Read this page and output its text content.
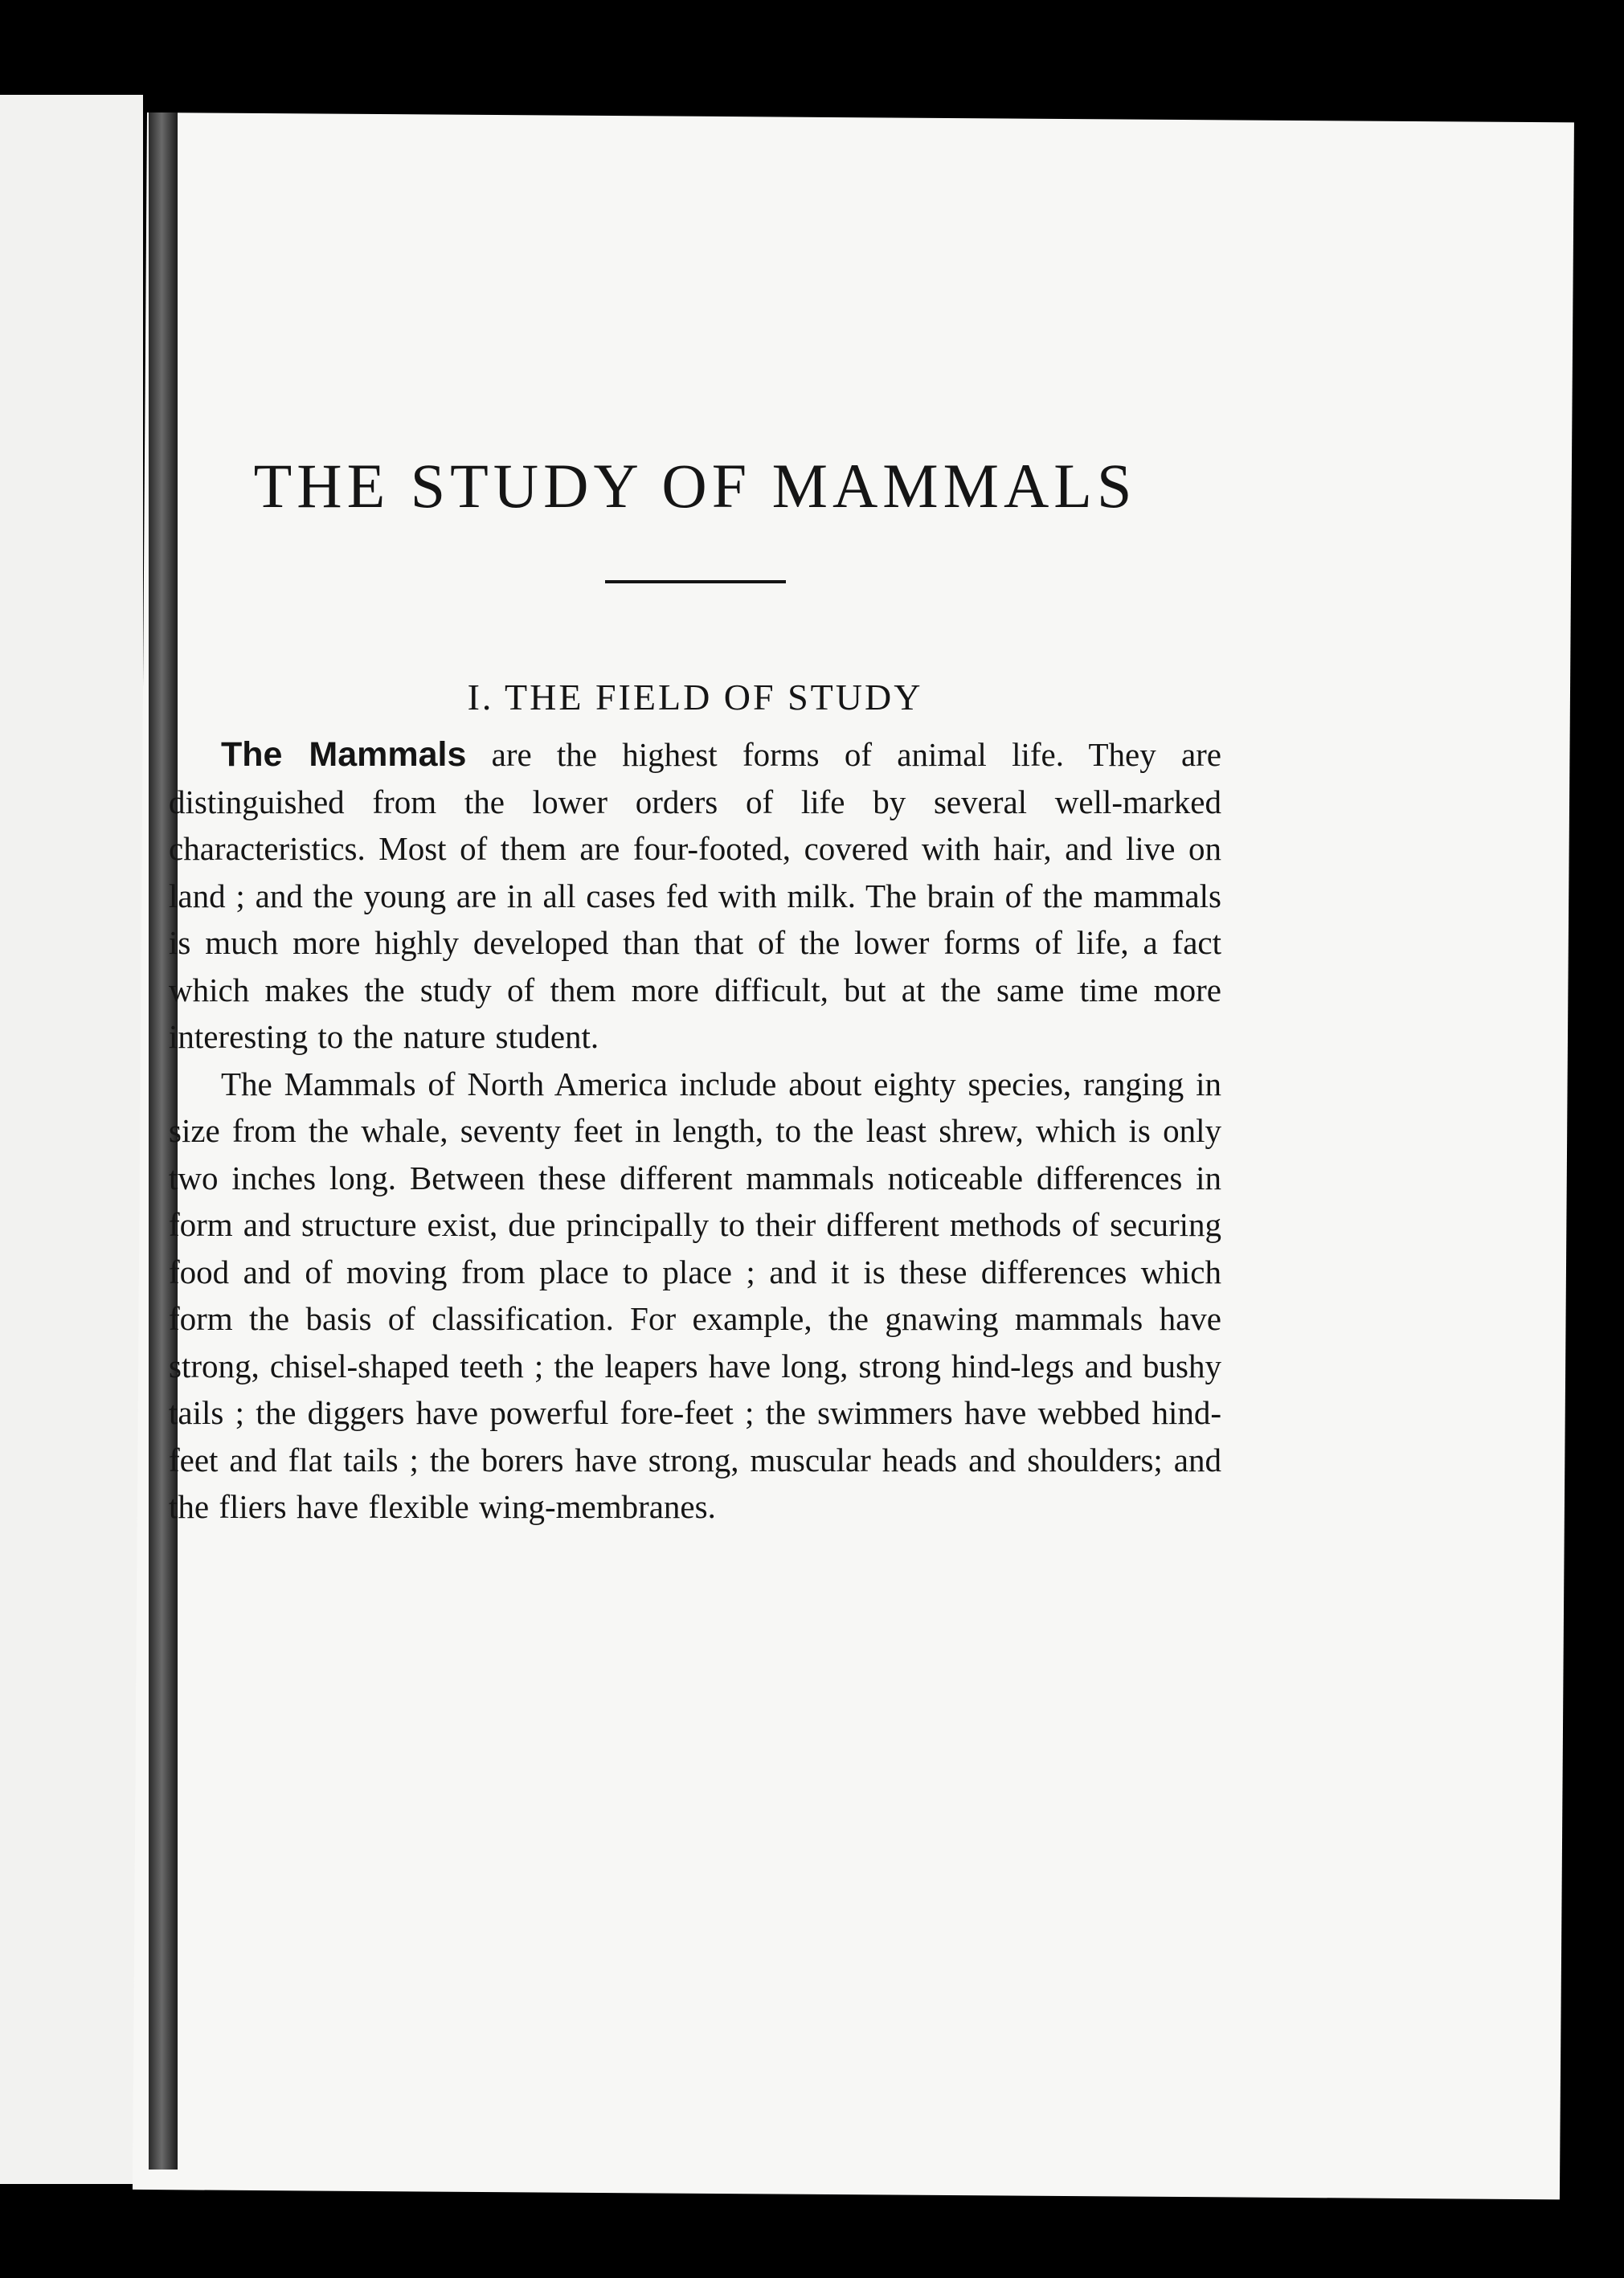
THE STUDY OF MAMMALS
I. THE FIELD OF STUDY

The Mammals are the highest forms of animal life. They are distinguished from the lower orders of life by several well-marked characteristics. Most of them are four-footed, covered with hair, and live on land ; and the young are in all cases fed with milk. The brain of the mammals is much more highly developed than that of the lower forms of life, a fact which makes the study of them more difficult, but at the same time more interesting to the nature student.

The Mammals of North America include about eighty species, ranging in size from the whale, seventy feet in length, to the least shrew, which is only two inches long. Between these different mammals noticeable differences in form and structure exist, due principally to their different methods of securing food and of moving from place to place ; and it is these differences which form the basis of classification. For example, the gnawing mammals have strong, chisel-shaped teeth ; the leapers have long, strong hind-legs and bushy tails ; the diggers have powerful fore-feet ; the swimmers have webbed hind-feet and flat tails ; the borers have strong, muscular heads and shoulders; and the fliers have flexible wing-membranes.
